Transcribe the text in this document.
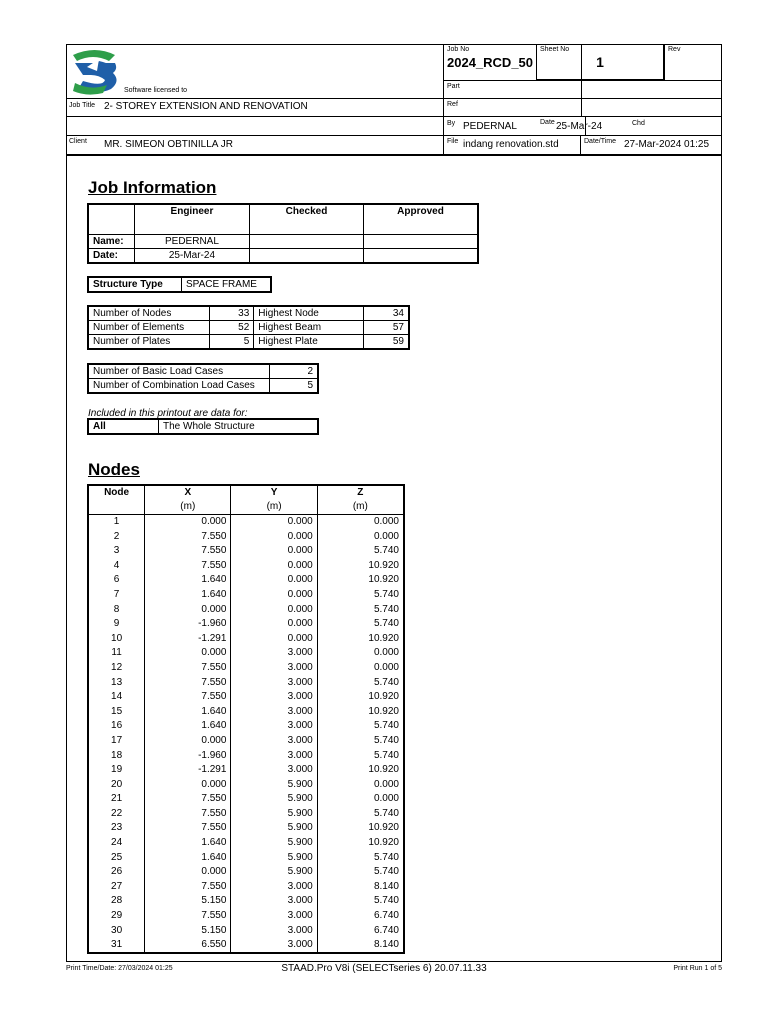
Software licensed to
Job No
2024_RCD_50
Sheet No
1
Rev
Part
Ref
Job Title 2- STOREY EXTENSION AND RENOVATION
By PEDERNAL	Date 25-Mar-24	Chd
Client MR. SIMEON OBTINILLA JR	File indang renovation.std	Date/Time 27-Mar-2024 01:25
Job Information
	Engineer	Checked	Approved
Name:	PEDERNAL		
Date:	25-Mar-24		
Structure Type	SPACE FRAME
Number of Nodes	33	Highest Node	34
Number of Elements	52	Highest Beam	57
Number of Plates	5	Highest Plate	59
Number of Basic Load Cases	2
Number of Combination Load Cases	5
Included in this printout are data for:
All	The Whole Structure
Nodes
Node	X	Y	Z
	(m)	(m)	(m)
1	0.000	0.000	0.000
2	7.550	0.000	0.000
3	7.550	0.000	5.740
4	7.550	0.000	10.920
6	1.640	0.000	10.920
7	1.640	0.000	5.740
8	0.000	0.000	5.740
9	-1.960	0.000	5.740
10	-1.291	0.000	10.920
11	0.000	3.000	0.000
12	7.550	3.000	0.000
13	7.550	3.000	5.740
14	7.550	3.000	10.920
15	1.640	3.000	10.920
16	1.640	3.000	5.740
17	0.000	3.000	5.740
18	-1.960	3.000	5.740
19	-1.291	3.000	10.920
20	0.000	5.900	0.000
21	7.550	5.900	0.000
22	7.550	5.900	5.740
23	7.550	5.900	10.920
24	1.640	5.900	10.920
25	1.640	5.900	5.740
26	0.000	5.900	5.740
27	7.550	3.000	8.140
28	5.150	3.000	5.740
29	7.550	3.000	6.740
30	5.150	3.000	6.740
31	6.550	3.000	8.140
Print Time/Date: 27/03/2024 01:25	STAAD.Pro V8i (SELECTseries 6) 20.07.11.33	Print Run 1 of 5
